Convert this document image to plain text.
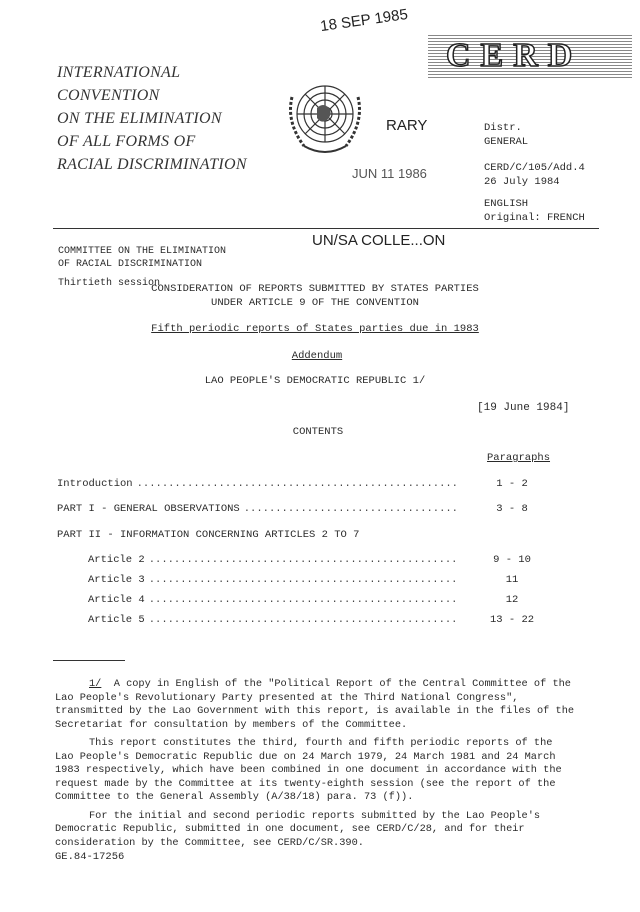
INTERNATIONAL
CONVENTION
ON THE ELIMINATION
OF ALL FORMS OF
RACIAL DISCRIMINATION
18 SEP 1985
RARY
JUN 11 1986
CERD
Distr.
GENERAL
CERD/C/105/Add.4
26 July 1984
ENGLISH
Original: FRENCH
UN/SA COLLE...ON
COMMITTEE ON THE ELIMINATION
OF RACIAL DISCRIMINATION
Thirtieth session
CONSIDERATION OF REPORTS SUBMITTED BY STATES PARTIES
UNDER ARTICLE 9 OF THE CONVENTION
Fifth periodic reports of States parties due in 1983
Addendum
LAO PEOPLE'S DEMOCRATIC REPUBLIC 1/
[19 June 1984]
CONTENTS
Paragraphs
Introduction ...................................................	1 - 2
PART I - GENERAL OBSERVATIONS ..................................	3 - 8
PART II - INFORMATION CONCERNING ARTICLES 2 TO 7
Article 2 .................................................	9 - 10
Article 3 .................................................	11
Article 4 .................................................	12
Article 5 .................................................	13 - 22

1/ A copy in English of the "Political Report of the Central Committee of the Lao People's Revolutionary Party presented at the Third National Congress", transmitted by the Lao Government with this report, is available in the files of the Secretariat for consultation by members of the Committee.

This report constitutes the third, fourth and fifth periodic reports of the Lao People's Democratic Republic due on 24 March 1979, 24 March 1981 and 24 March 1983 respectively, which have been combined in one document in accordance with the request made by the Committee at its twenty-eighth session (see the report of the Committee to the General Assembly (A/38/18) para. 73 (f)).

For the initial and second periodic reports submitted by the Lao People's Democratic Republic, submitted in one document, see CERD/C/28, and for their consideration by the Committee, see CERD/C/SR.390.

GE.84-17256
